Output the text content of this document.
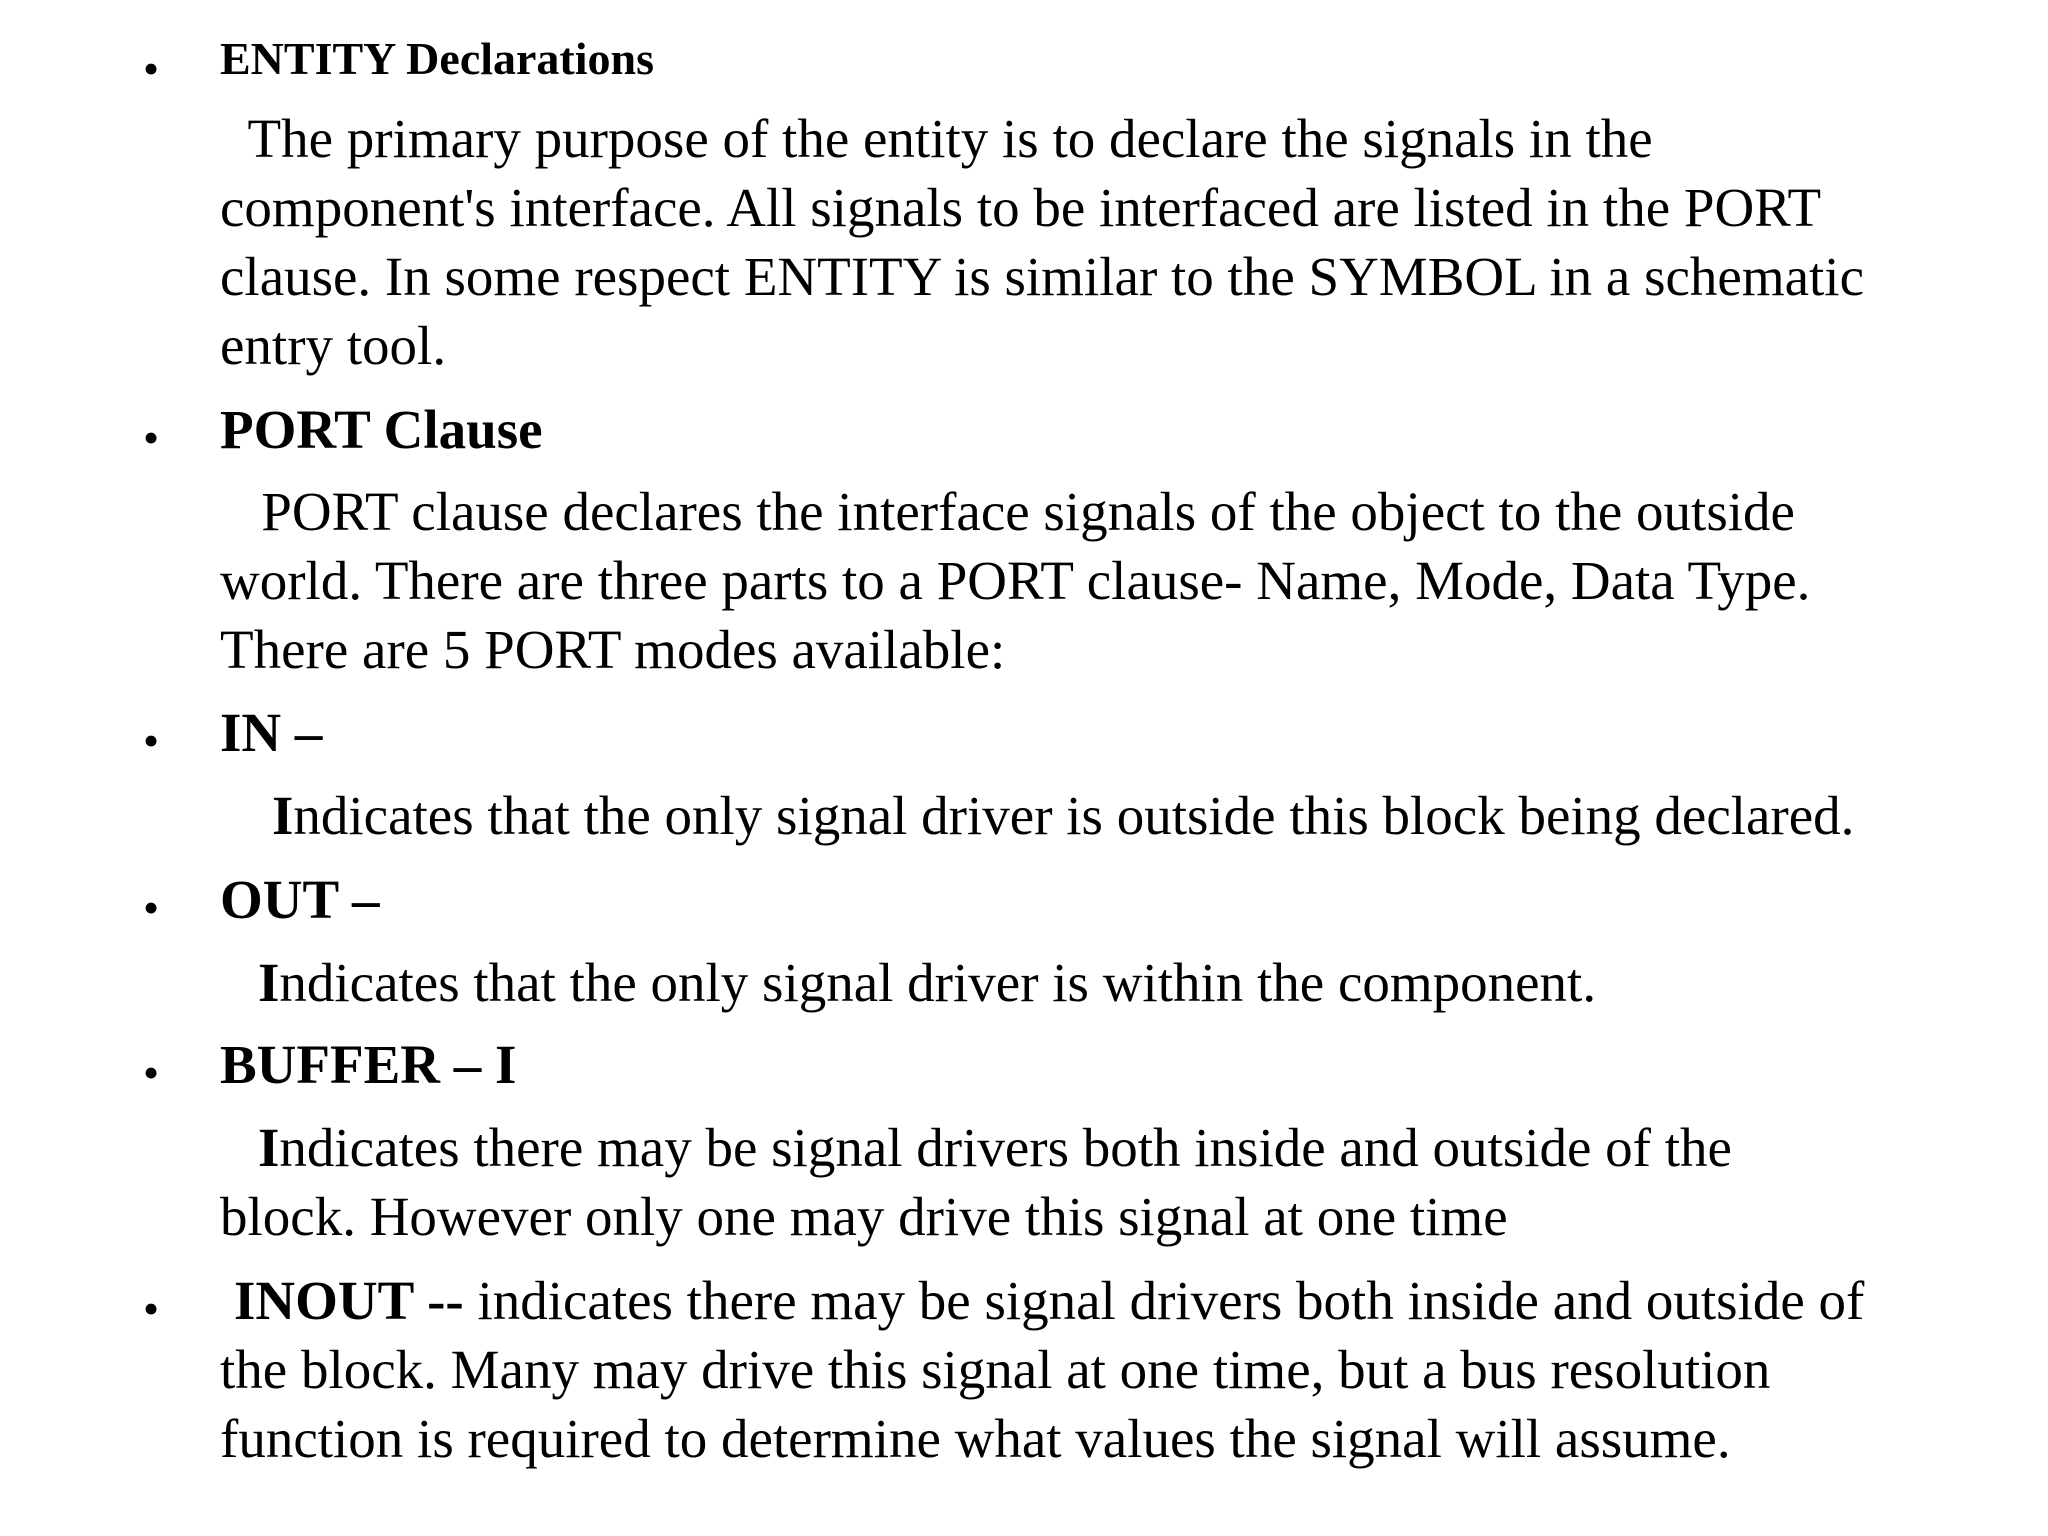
• ENTITY Declarations
The primary purpose of the entity is to declare the signals in the
component's interface. All signals to be interfaced are listed in the PORT
clause. In some respect ENTITY is similar to the SYMBOL in a schematic
entry tool.
• PORT Clause
PORT clause declares the interface signals of the object to the outside
world. There are three parts to a PORT clause- Name, Mode, Data Type.
There are 5 PORT modes available:
• IN –
Indicates that the only signal driver is outside this block being declared.
• OUT –
Indicates that the only signal driver is within the component.
• BUFFER – I
Indicates there may be signal drivers both inside and outside of the
block. However only one may drive this signal at one time
• INOUT -- indicates there may be signal drivers both inside and outside of
the block. Many may drive this signal at one time, but a bus resolution
function is required to determine what values the signal will assume.
